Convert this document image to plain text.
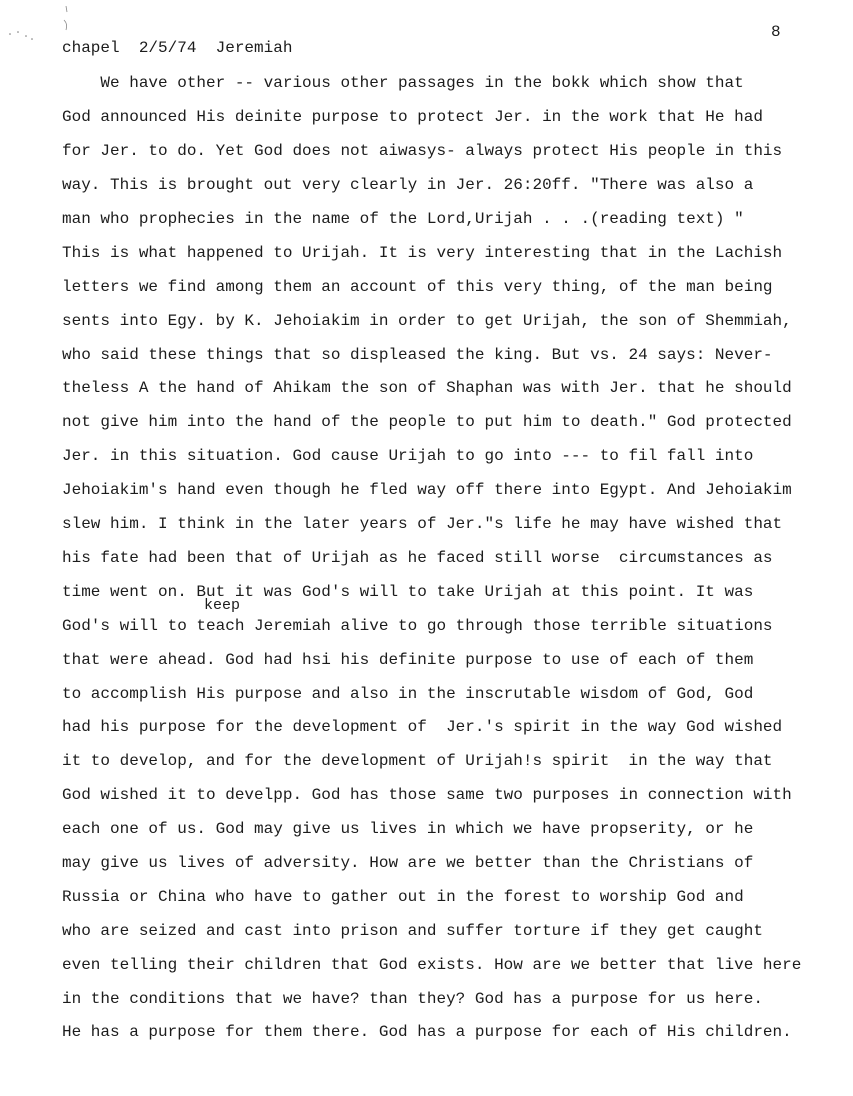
8
chapel  2/5/74  Jeremiah
keep
We have other -- various other passages in the bokk which show that
God announced His deinite purpose to protect Jer. in the work that He had
for Jer. to do. Yet God does not aiwasys- always protect His people in this
way. This is brought out very clearly in Jer. 26:20ff. "There was also a
man who prophecies in the name of the Lord,Urijah . . .(reading text) "
This is what happened to Urijah. It is very interesting that in the Lachish
letters we find among them an account of this very thing, of the man being
sents into Egy. by K. Jehoiakim in order to get Urijah, the son of Shemmiah,
who said these things that so displeased the king. But vs. 24 says: Never-
theless A the hand of Ahikam the son of Shaphan was with Jer. that he should
not give him into the hand of the people to put him to death." God protected
Jer. in this situation. God cause Urijah to go into --- to fil fall into
Jehoiakim's hand even though he fled way off there into Egypt. And Jehoiakim
slew him. I think in the later years of Jer."s life he may have wished that
his fate had been that of Urijah as he faced still worse  circumstances as
time went on. But it was God's will to take Urijah at this point. It was
God's will to teach Jeremiah alive to go through those terrible situations
that were ahead. God had hsi his definite purpose to use of each of them
to accomplish His purpose and also in the inscrutable wisdom of God, God
had his purpose for the development of  Jer.'s spirit in the way God wished
it to develop, and for the development of Urijah!s spirit  in the way that
God wished it to develpp. God has those same two purposes in connection with
each one of us. God may give us lives in which we have propserity, or he
may give us lives of adversity. How are we better than the Christians of
Russia or China who have to gather out in the forest to worship God and
who are seized and cast into prison and suffer torture if they get caught
even telling their children that God exists. How are we better that live here
in the conditions that we have? than they? God has a purpose for us here.
He has a purpose for them there. God has a purpose for each of His children.
